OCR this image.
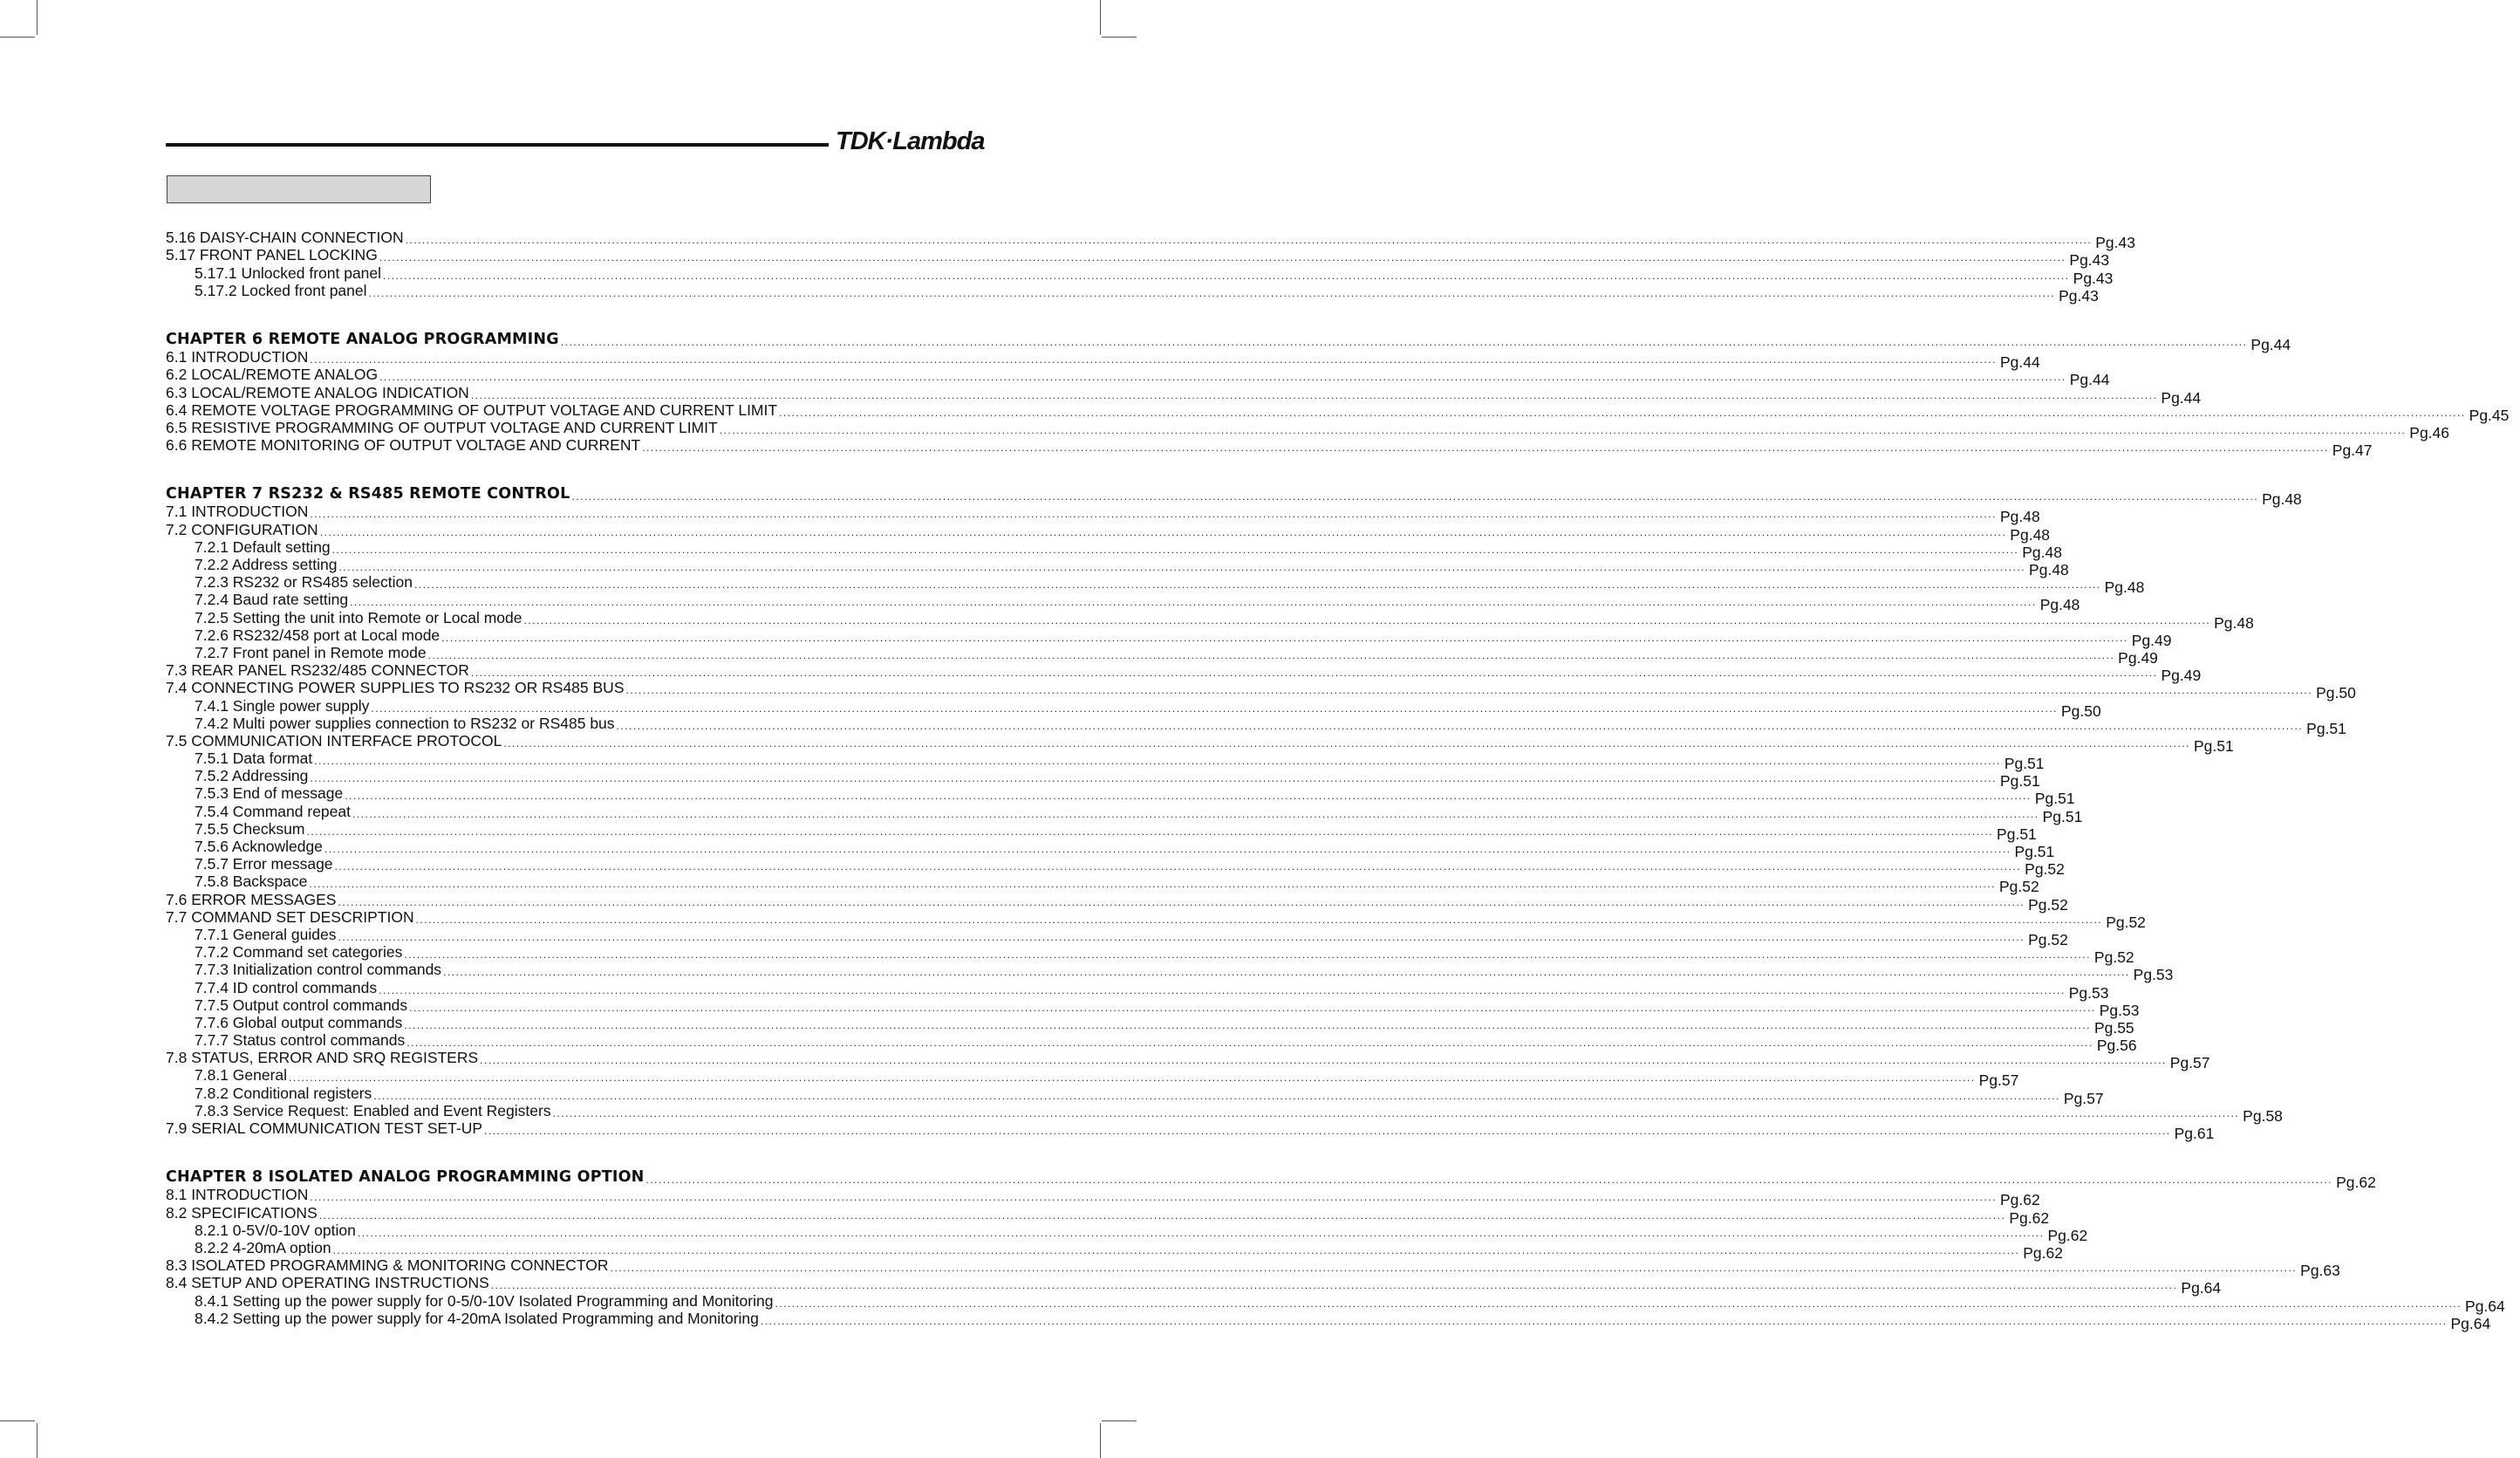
TDK·Lambda
5.16 DAISY-CHAIN CONNECTION ................................................................................................................................................................................................................................................................................................................................................................................................................ Pg.43
5.17 FRONT PANEL LOCKING ................................................................................................................................................................................................................................................................................................................................................................................................................ Pg.43
5.17.1 Unlocked front panel ................................................................................................................................................................................................................................................................................................................................................................................................................ Pg.43
5.17.2 Locked front panel ................................................................................................................................................................................................................................................................................................................................................................................................................ Pg.43
CHAPTER 6 REMOTE ANALOG PROGRAMMING ................................................................................................................................................................................................................................................................................................................................................................................................................ Pg.44
6.1 INTRODUCTION ................................................................................................................................................................................................................................................................................................................................................................................................................ Pg.44
6.2 LOCAL/REMOTE ANALOG ................................................................................................................................................................................................................................................................................................................................................................................................................ Pg.44
6.3 LOCAL/REMOTE ANALOG INDICATION ................................................................................................................................................................................................................................................................................................................................................................................................................ Pg.44
6.4 REMOTE VOLTAGE PROGRAMMING OF OUTPUT VOLTAGE AND CURRENT LIMIT ................................................................................................................................................................................................................................................................................................................................................................................................................ Pg.45
6.5 RESISTIVE PROGRAMMING OF OUTPUT VOLTAGE AND CURRENT LIMIT ................................................................................................................................................................................................................................................................................................................................................................................................................ Pg.46
6.6 REMOTE MONITORING OF OUTPUT VOLTAGE AND CURRENT ................................................................................................................................................................................................................................................................................................................................................................................................................ Pg.47
CHAPTER 7 RS232 & RS485 REMOTE CONTROL ................................................................................................................................................................................................................................................................................................................................................................................................................ Pg.48
7.1 INTRODUCTION ................................................................................................................................................................................................................................................................................................................................................................................................................ Pg.48
7.2 CONFIGURATION ................................................................................................................................................................................................................................................................................................................................................................................................................ Pg.48
7.2.1 Default setting ................................................................................................................................................................................................................................................................................................................................................................................................................ Pg.48
7.2.2 Address setting ................................................................................................................................................................................................................................................................................................................................................................................................................ Pg.48
7.2.3 RS232 or RS485 selection ................................................................................................................................................................................................................................................................................................................................................................................................................ Pg.48
7.2.4 Baud rate setting ................................................................................................................................................................................................................................................................................................................................................................................................................ Pg.48
7.2.5 Setting the unit into Remote or Local mode ................................................................................................................................................................................................................................................................................................................................................................................................................ Pg.48
7.2.6 RS232/458 port at Local mode ................................................................................................................................................................................................................................................................................................................................................................................................................ Pg.49
7.2.7 Front panel in Remote mode ................................................................................................................................................................................................................................................................................................................................................................................................................ Pg.49
7.3 REAR PANEL RS232/485 CONNECTOR ................................................................................................................................................................................................................................................................................................................................................................................................................ Pg.49
7.4 CONNECTING POWER SUPPLIES TO RS232 OR RS485 BUS ................................................................................................................................................................................................................................................................................................................................................................................................................ Pg.50
7.4.1 Single power supply ................................................................................................................................................................................................................................................................................................................................................................................................................ Pg.50
7.4.2 Multi power supplies connection to RS232 or RS485 bus ................................................................................................................................................................................................................................................................................................................................................................................................................ Pg.51
7.5 COMMUNICATION INTERFACE PROTOCOL ................................................................................................................................................................................................................................................................................................................................................................................................................ Pg.51
7.5.1 Data format ................................................................................................................................................................................................................................................................................................................................................................................................................ Pg.51
7.5.2 Addressing ................................................................................................................................................................................................................................................................................................................................................................................................................ Pg.51
7.5.3 End of message ................................................................................................................................................................................................................................................................................................................................................................................................................ Pg.51
7.5.4 Command repeat ................................................................................................................................................................................................................................................................................................................................................................................................................ Pg.51
7.5.5 Checksum ................................................................................................................................................................................................................................................................................................................................................................................................................ Pg.51
7.5.6 Acknowledge ................................................................................................................................................................................................................................................................................................................................................................................................................ Pg.51
7.5.7 Error message ................................................................................................................................................................................................................................................................................................................................................................................................................ Pg.52
7.5.8 Backspace ................................................................................................................................................................................................................................................................................................................................................................................................................ Pg.52
7.6 ERROR MESSAGES ................................................................................................................................................................................................................................................................................................................................................................................................................ Pg.52
7.7 COMMAND SET DESCRIPTION ................................................................................................................................................................................................................................................................................................................................................................................................................ Pg.52
7.7.1 General guides ................................................................................................................................................................................................................................................................................................................................................................................................................ Pg.52
7.7.2 Command set categories ................................................................................................................................................................................................................................................................................................................................................................................................................ Pg.52
7.7.3 Initialization control commands ................................................................................................................................................................................................................................................................................................................................................................................................................ Pg.53
7.7.4 ID control commands ................................................................................................................................................................................................................................................................................................................................................................................................................ Pg.53
7.7.5 Output control commands ................................................................................................................................................................................................................................................................................................................................................................................................................ Pg.53
7.7.6 Global output commands ................................................................................................................................................................................................................................................................................................................................................................................................................ Pg.55
7.7.7 Status control commands ................................................................................................................................................................................................................................................................................................................................................................................................................ Pg.56
7.8 STATUS, ERROR AND SRQ REGISTERS ................................................................................................................................................................................................................................................................................................................................................................................................................ Pg.57
7.8.1 General ................................................................................................................................................................................................................................................................................................................................................................................................................ Pg.57
7.8.2 Conditional registers ................................................................................................................................................................................................................................................................................................................................................................................................................ Pg.57
7.8.3 Service Request: Enabled and Event Registers ................................................................................................................................................................................................................................................................................................................................................................................................................ Pg.58
7.9 SERIAL COMMUNICATION TEST SET-UP ................................................................................................................................................................................................................................................................................................................................................................................................................ Pg.61
CHAPTER 8 ISOLATED ANALOG PROGRAMMING OPTION ................................................................................................................................................................................................................................................................................................................................................................................................................ Pg.62
8.1 INTRODUCTION ................................................................................................................................................................................................................................................................................................................................................................................................................ Pg.62
8.2 SPECIFICATIONS ................................................................................................................................................................................................................................................................................................................................................................................................................ Pg.62
8.2.1 0-5V/0-10V option ................................................................................................................................................................................................................................................................................................................................................................................................................ Pg.62
8.2.2 4-20mA option ................................................................................................................................................................................................................................................................................................................................................................................................................ Pg.62
8.3 ISOLATED PROGRAMMING & MONITORING CONNECTOR ................................................................................................................................................................................................................................................................................................................................................................................................................ Pg.63
8.4 SETUP AND OPERATING INSTRUCTIONS ................................................................................................................................................................................................................................................................................................................................................................................................................ Pg.64
8.4.1 Setting up the power supply for 0-5/0-10V Isolated Programming and Monitoring ................................................................................................................................................................................................................................................................................................................................................................................................................ Pg.64
8.4.2 Setting up the power supply for 4-20mA Isolated Programming and Monitoring ................................................................................................................................................................................................................................................................................................................................................................................................................ Pg.64
